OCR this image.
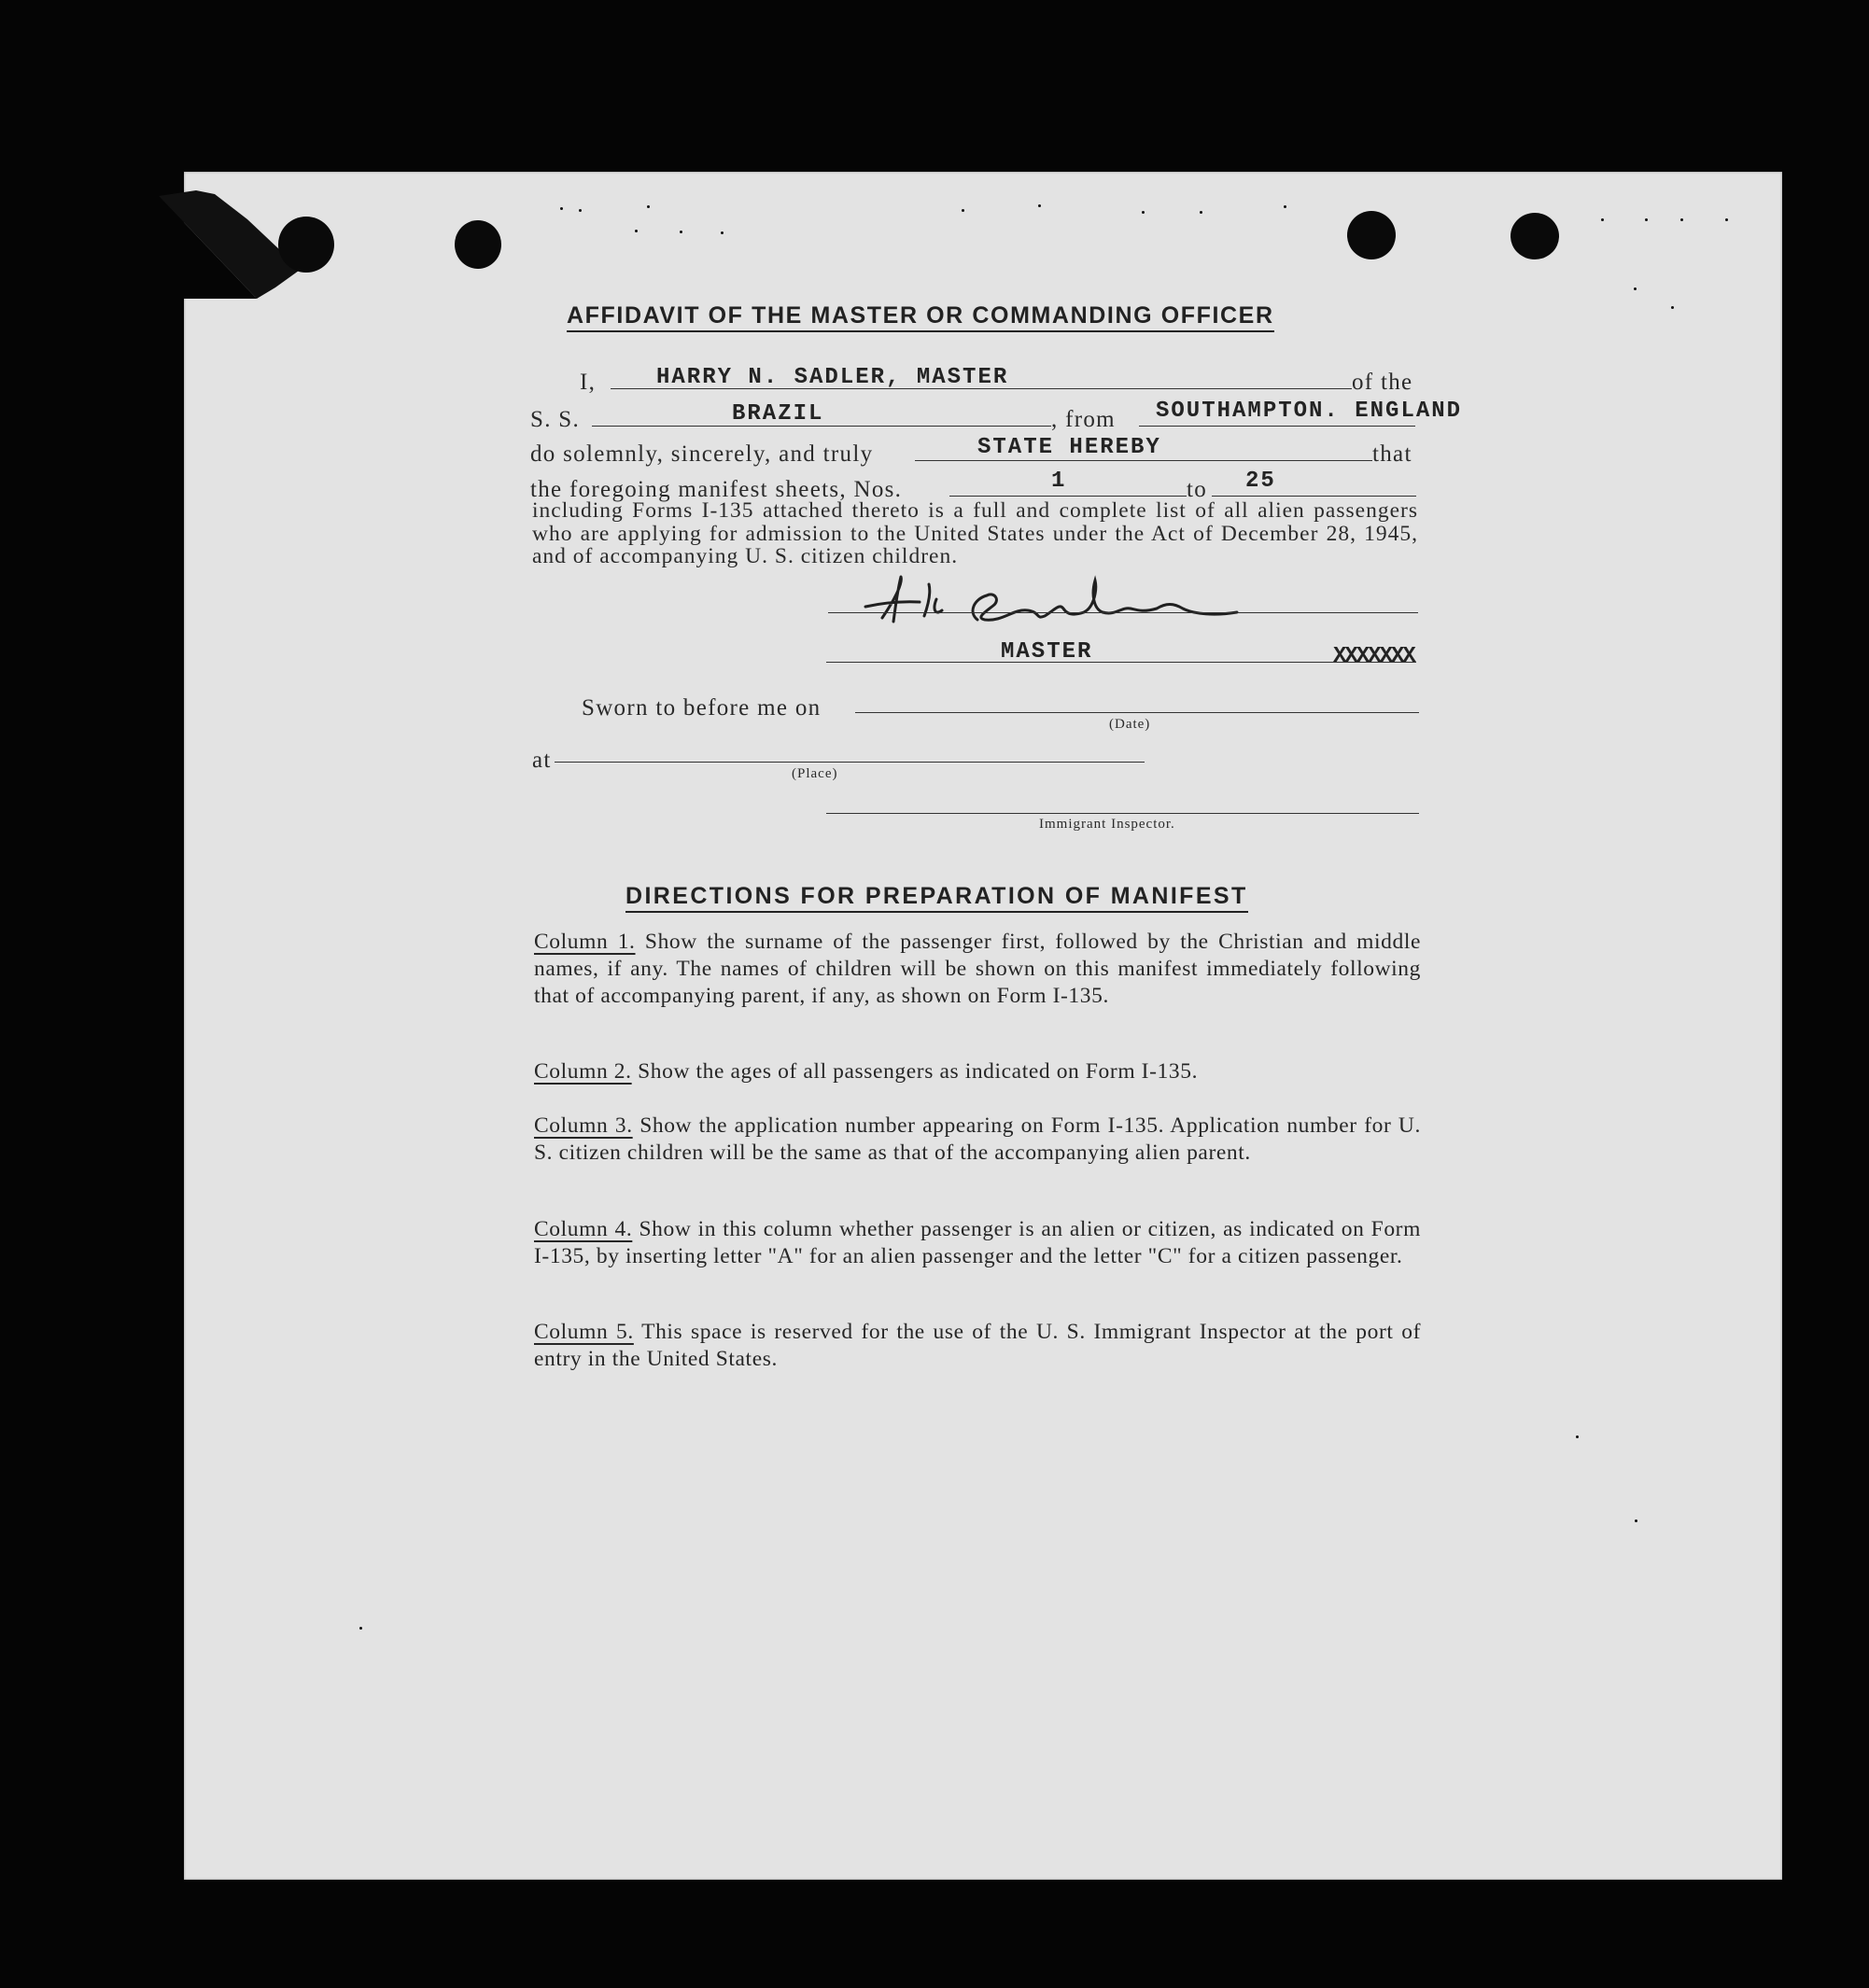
AFFIDAVIT OF THE MASTER OR COMMANDING OFFICER
I,	HARRY N. SADLER, MASTER	of the
S. S.	BRAZIL	, from SOUTHAMPTON. ENGLAND
do solemnly, sincerely, and truly	STATE HEREBY	that
the foregoing manifest sheets, Nos.	1	to 25
including Forms I-135 attached thereto is a full and complete list of all alien passengers who are applying for admission to the United States under the Act of December 28, 1945, and of accompanying U. S. citizen children.
MASTER	XXXXXXX
Sworn to before me on
(Date)
at
(Place)
Immigrant Inspector.
DIRECTIONS FOR PREPARATION OF MANIFEST
Column 1. Show the surname of the passenger first, followed by the Christian and middle names, if any. The names of children will be shown on this manifest immediately following that of accompanying parent, if any, as shown on Form I-135.
Column 2. Show the ages of all passengers as indicated on Form I-135.
Column 3. Show the application number appearing on Form I-135. Application number for U. S. citizen children will be the same as that of the accompanying alien parent.
Column 4. Show in this column whether passenger is an alien or citizen, as indicated on Form I-135, by inserting letter "A" for an alien passenger and the letter "C" for a citizen passenger.
Column 5. This space is reserved for the use of the U. S. Immigrant Inspector at the port of entry in the United States.
